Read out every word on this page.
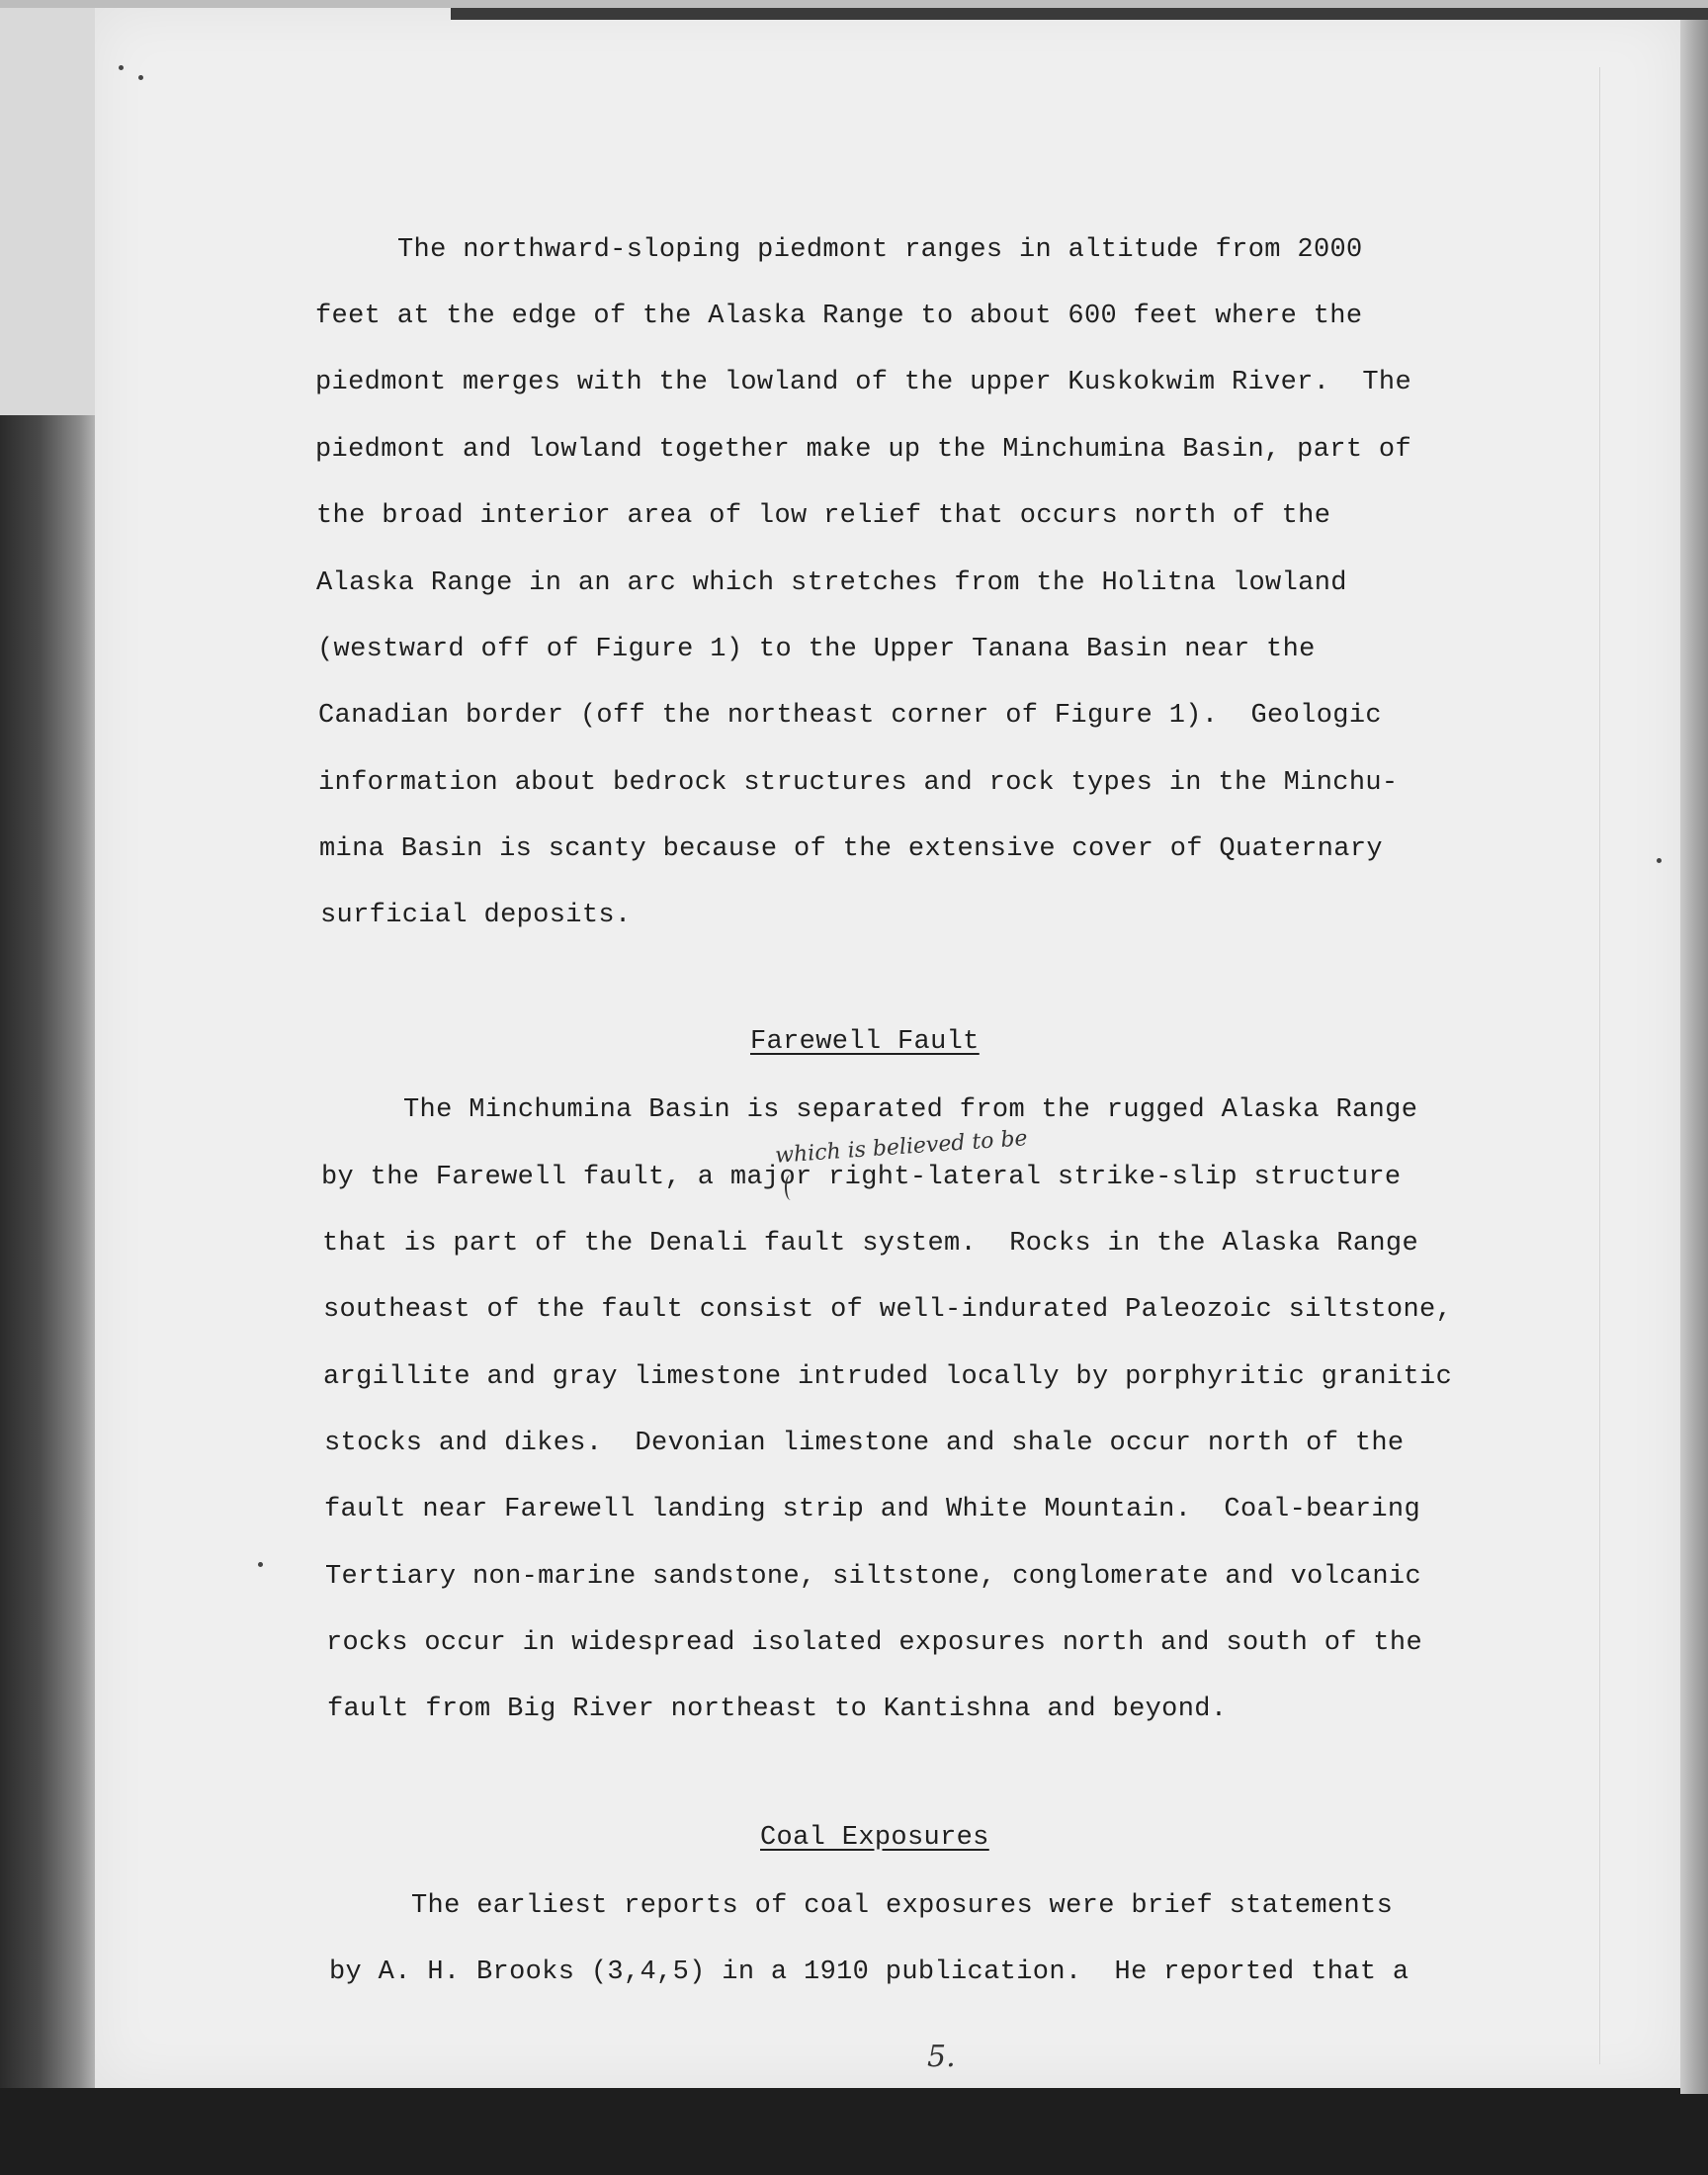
The northward-sloping piedmont ranges in altitude from 2000
feet at the edge of the Alaska Range to about 600 feet where the
piedmont merges with the lowland of the upper Kuskokwim River.  The
piedmont and lowland together make up the Minchumina Basin, part of
the broad interior area of low relief that occurs north of the
Alaska Range in an arc which stretches from the Holitna lowland
(westward off of Figure 1) to the Upper Tanana Basin near the
Canadian border (off the northeast corner of Figure 1).  Geologic
information about bedrock structures and rock types in the Minchu-
mina Basin is scanty because of the extensive cover of Quaternary
surficial deposits.
Farewell Fault
The Minchumina Basin is separated from the rugged Alaska Range
by the Farewell fault, a major right-lateral strike-slip structure
that is part of the Denali fault system.  Rocks in the Alaska Range
southeast of the fault consist of well-indurated Paleozoic siltstone,
argillite and gray limestone intruded locally by porphyritic granitic
stocks and dikes.  Devonian limestone and shale occur north of the
fault near Farewell landing strip and White Mountain.  Coal-bearing
Tertiary non-marine sandstone, siltstone, conglomerate and volcanic
rocks occur in widespread isolated exposures north and south of the
fault from Big River northeast to Kantishna and beyond.
which is believed to be
Coal Exposures
The earliest reports of coal exposures were brief statements
by A. H. Brooks (3,4,5) in a 1910 publication.  He reported that a
5.
